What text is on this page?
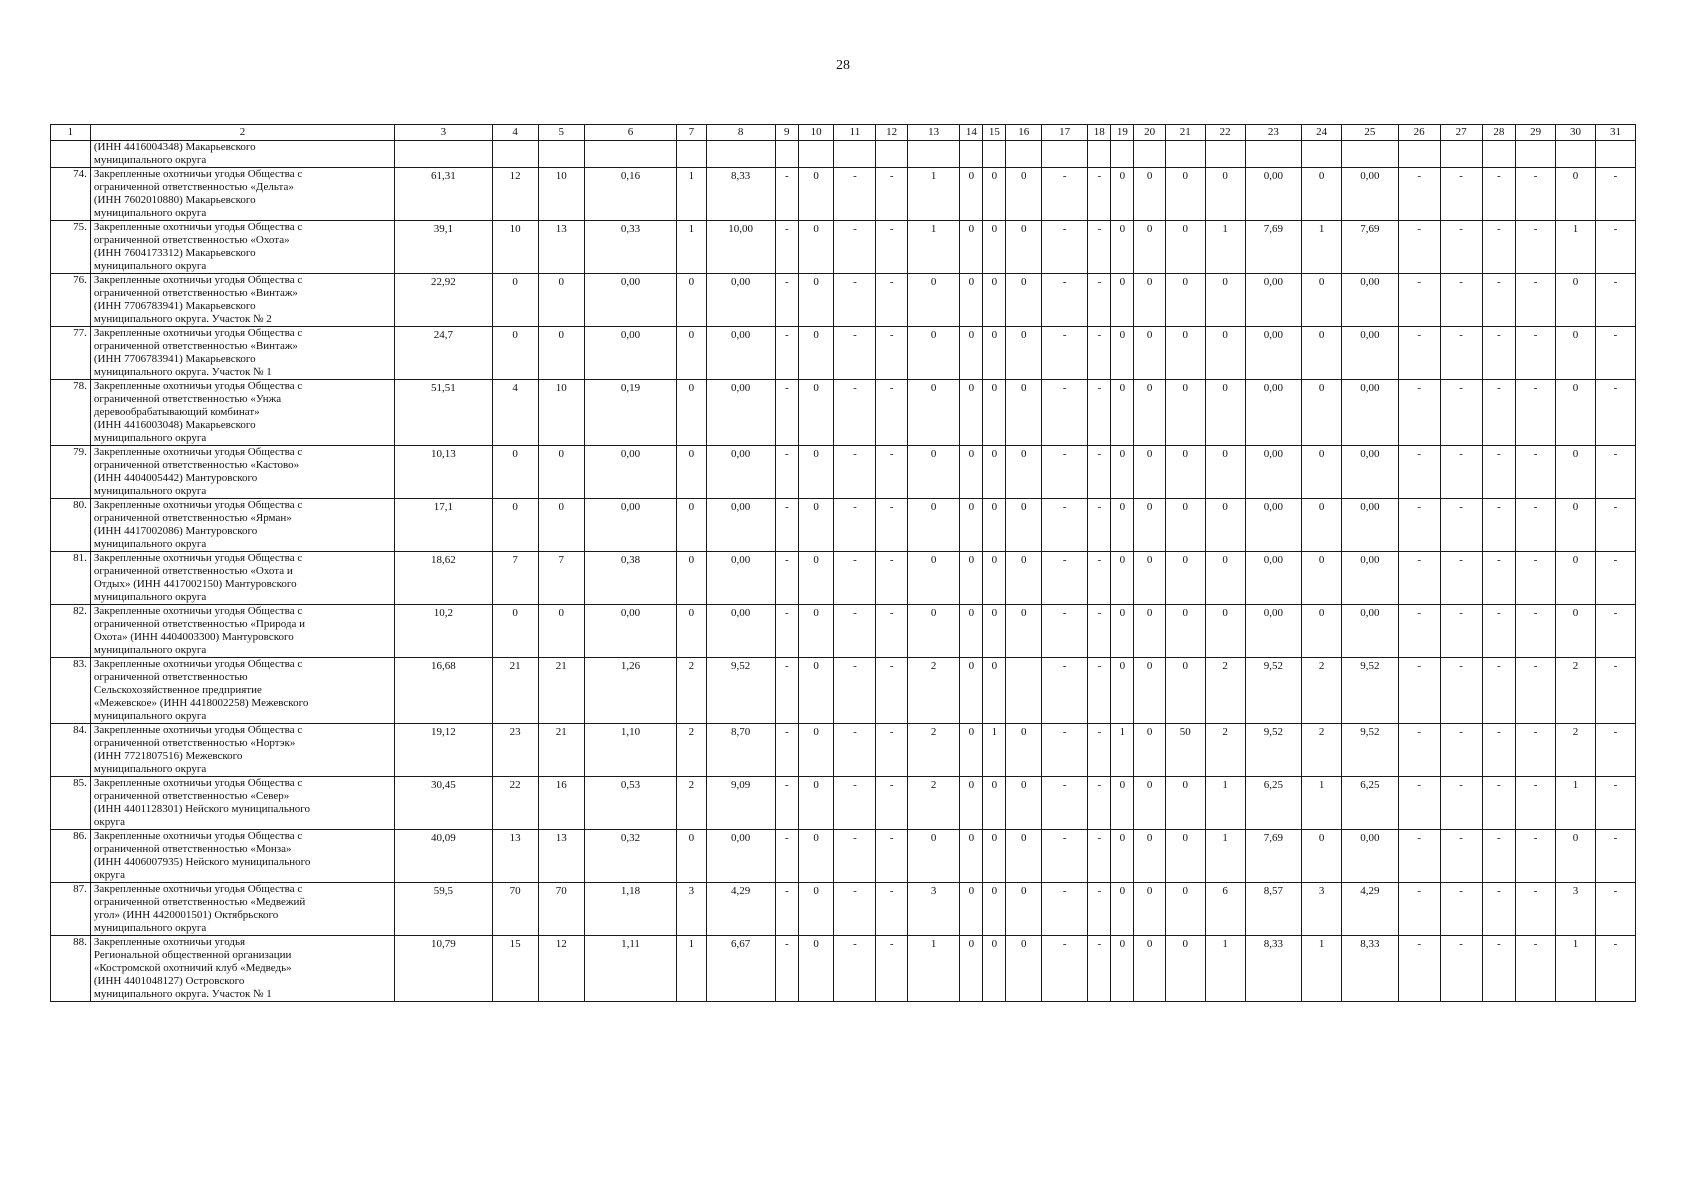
28
1	2	3	4	5	6	7	8	9	10	11	12	13	14	15	16	17	18	19	20	21	22	23	24	25	26	27	28	29	30	31

	(ИНН 4416004348) Макарьевского
муниципального округа																													

74.	Закрепленные охотничьи угодья Общества с
ограниченной ответственностью «Дельта»
(ИНН 7602010880) Макарьевского
муниципального округа	61,31	12	10	0,16	1	8,33	-	0	-	-	1	0	0	0	-	-	0	0	0	0	0,00	0	0,00	-	-	-	-	0	-
75.	Закрепленные охотничьи угодья Общества с
ограниченной ответственностью «Охота»
(ИНН 7604173312) Макарьевского
муниципального округа	39,1	10	13	0,33	1	10,00	-	0	-	-	1	0	0	0	-	-	0	0	0	1	7,69	1	7,69	-	-	-	-	1	-
76.	Закрепленные охотничьи угодья Общества с
ограниченной ответственностью «Винтаж»
(ИНН 7706783941) Макарьевского
муниципального округа. Участок № 2	22,92	0	0	0,00	0	0,00	-	0	-	-	0	0	0	0	-	-	0	0	0	0	0,00	0	0,00	-	-	-	-	0	-
77.	Закрепленные охотничьи угодья Общества с
ограниченной ответственностью «Винтаж»
(ИНН 7706783941) Макарьевского
муниципального округа. Участок № 1	24,7	0	0	0,00	0	0,00	-	0	-	-	0	0	0	0	-	-	0	0	0	0	0,00	0	0,00	-	-	-	-	0	-
78.	Закрепленные охотничьи угодья Общества с
ограниченной ответственностью «Унжа
деревообрабатывающий комбинат»
(ИНН 4416003048) Макарьевского
муниципального округа	51,51	4	10	0,19	0	0,00	-	0	-	-	0	0	0	0	-	-	0	0	0	0	0,00	0	0,00	-	-	-	-	0	-
79.	Закрепленные охотничьи угодья Общества с
ограниченной ответственностью «Кастово»
(ИНН 4404005442) Мантуровского
муниципального округа	10,13	0	0	0,00	0	0,00	-	0	-	-	0	0	0	0	-	-	0	0	0	0	0,00	0	0,00	-	-	-	-	0	-
80.	Закрепленные охотничьи угодья Общества с
ограниченной ответственностью «Ярман»
(ИНН 4417002086) Мантуровского
муниципального округа	17,1	0	0	0,00	0	0,00	-	0	-	-	0	0	0	0	-	-	0	0	0	0	0,00	0	0,00	-	-	-	-	0	-
81.	Закрепленные охотничьи угодья Общества с
ограниченной ответственностью «Охота и
Отдых» (ИНН 4417002150) Мантуровского
муниципального округа	18,62	7	7	0,38	0	0,00	-	0	-	-	0	0	0	0	-	-	0	0	0	0	0,00	0	0,00	-	-	-	-	0	-
82.	Закрепленные охотничьи угодья Общества с
ограниченной ответственностью «Природа и
Охота» (ИНН 4404003300) Мантуровского
муниципального округа	10,2	0	0	0,00	0	0,00	-	0	-	-	0	0	0	0	-	-	0	0	0	0	0,00	0	0,00	-	-	-	-	0	-
83.	Закрепленные охотничьи угодья Общества с
ограниченной ответственностью
Сельскохозяйственное предприятие
«Межевское» (ИНН 4418002258) Межевского
муниципального округа	16,68	21	21	1,26	2	9,52	-	0	-	-	2	0	0		-	-	0	0	0	2	9,52	2	9,52	-	-	-	-	2	-
84.	Закрепленные охотничьи угодья Общества с
ограниченной ответственностью «Нортэк»
(ИНН 7721807516) Межевского
муниципального округа	19,12	23	21	1,10	2	8,70	-	0	-	-	2	0	1	0	-	-	1	0	50	2	9,52	2	9,52	-	-	-	-	2	-
85.	Закрепленные охотничьи угодья Общества с
ограниченной ответственностью «Север»
(ИНН 4401128301) Нейского муниципального
округа	30,45	22	16	0,53	2	9,09	-	0	-	-	2	0	0	0	-	-	0	0	0	1	6,25	1	6,25	-	-	-	-	1	-
86.	Закрепленные охотничьи угодья Общества с
ограниченной ответственностью «Монза»
(ИНН 4406007935) Нейского муниципального
округа	40,09	13	13	0,32	0	0,00	-	0	-	-	0	0	0	0	-	-	0	0	0	1	7,69	0	0,00	-	-	-	-	0	-
87.	Закрепленные охотничьи угодья Общества с
ограниченной ответственностью «Медвежий
угол» (ИНН 4420001501) Октябрьского
муниципального округа	59,5	70	70	1,18	3	4,29	-	0	-	-	3	0	0	0	-	-	0	0	0	6	8,57	3	4,29	-	-	-	-	3	-
88.	Закрепленные охотничьи угодья
Региональной общественной организации
«Костромской охотничий клуб «Медведь»
(ИНН 4401048127) Островского
муниципального округа. Участок № 1	10,79	15	12	1,11	1	6,67	-	0	-	-	1	0	0	0	-	-	0	0	0	1	8,33	1	8,33	-	-	-	-	1	-
